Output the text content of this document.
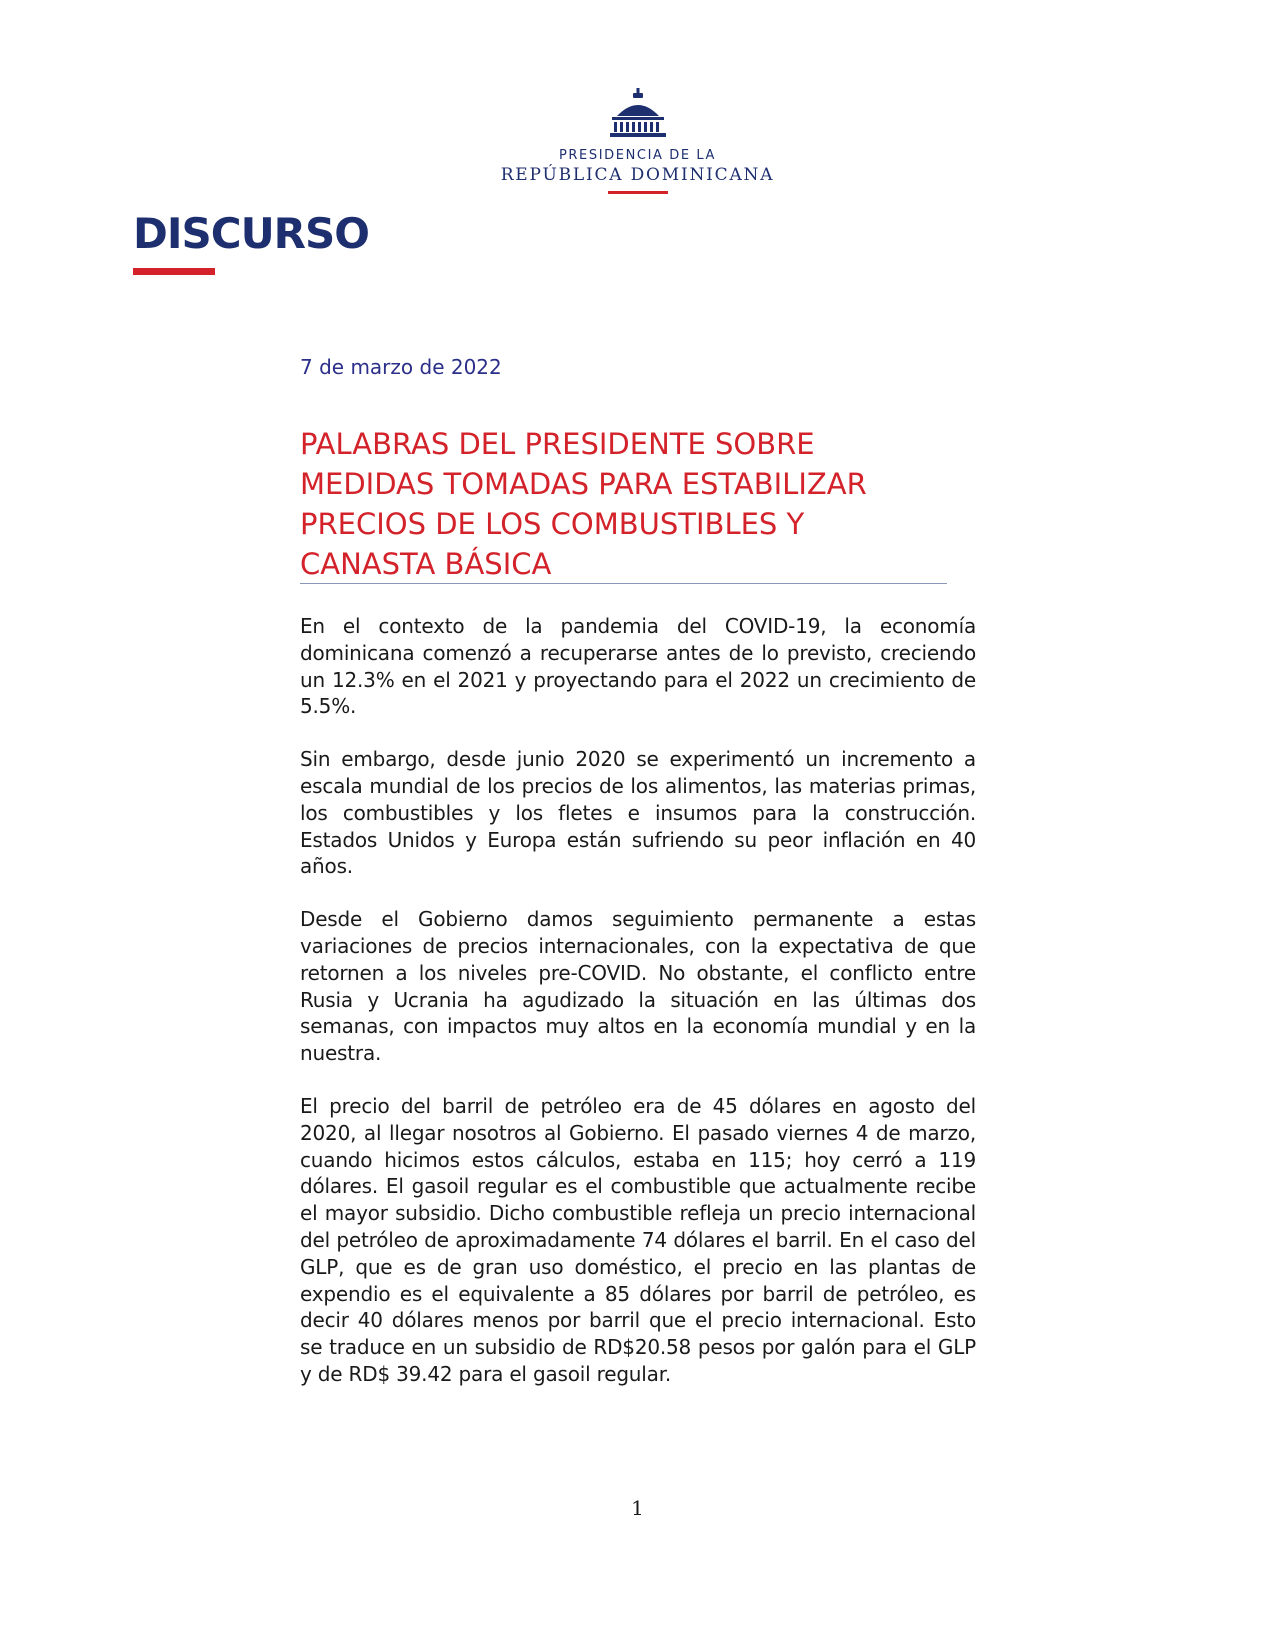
PRESIDENCIA DE LA
REPÚBLICA DOMINICANA
DISCURSO
7 de marzo de 2022
PALABRAS DEL PRESIDENTE SOBRE
MEDIDAS TOMADAS PARA ESTABILIZAR
PRECIOS DE LOS COMBUSTIBLES Y
CANASTA BÁSICA

En el contexto de la pandemia del COVID-19, la economía dominicana comenzó a recuperarse antes de lo previsto, creciendo un 12.3% en el 2021 y proyectando para el 2022 un crecimiento de 5.5%.

Sin embargo, desde junio 2020 se experimentó un incremento a escala mundial de los precios de los alimentos, las materias primas, los combustibles y los fletes e insumos para la construcción. Estados Unidos y Europa están sufriendo su peor inflación en 40 años.

Desde el Gobierno damos seguimiento permanente a estas variaciones de precios internacionales, con la expectativa de que retornen a los niveles pre-COVID. No obstante, el conflicto entre Rusia y Ucrania ha agudizado la situación en las últimas dos semanas, con impactos muy altos en la economía mundial y en la nuestra.

El precio del barril de petróleo era de 45 dólares en agosto del 2020, al llegar nosotros al Gobierno. El pasado viernes 4 de marzo, cuando hicimos estos cálculos, estaba en 115; hoy cerró a 119 dólares. El gasoil regular es el combustible que actualmente recibe el mayor subsidio. Dicho combustible refleja un precio internacional del petróleo de aproximadamente 74 dólares el barril. En el caso del GLP, que es de gran uso doméstico, el precio en las plantas de expendio es el equivalente a 85 dólares por barril de petróleo, es decir 40 dólares menos por barril que el precio internacional. Esto se traduce en un subsidio de RD$20.58 pesos por galón para el GLP y de RD$ 39.42 para el gasoil regular.

1
